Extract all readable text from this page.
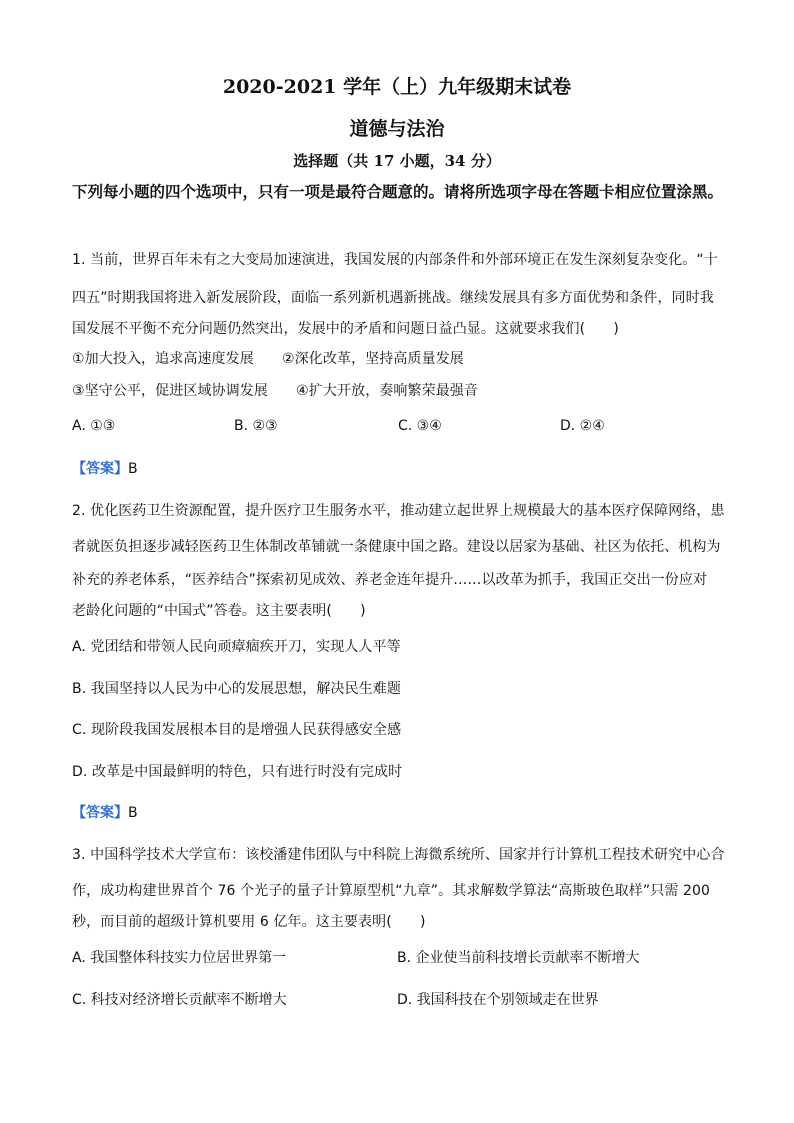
2020-2021 学年（上）九年级期末试卷
道德与法治
选择题（共 17 小题，34 分）
下列每小题的四个选项中，只有一项是最符合题意的。请将所选项字母在答题卡相应位置涂黑。
1. 当前，世界百年未有之大变局加速演进，我国发展的内部条件和外部环境正在发生深刻复杂变化。“十
四五”时期我国将进入新发展阶段，面临一系列新机遇新挑战。继续发展具有多方面优势和条件，同时我
国发展不平衡不充分问题仍然突出，发展中的矛盾和问题日益凸显。这就要求我们(　　)
①加大投入，追求高速度发展　　②深化改革，坚持高质量发展
③坚守公平，促进区域协调发展　　④扩大开放，奏响繁荣最强音
A. ①③	B. ②③	C. ③④	D. ②④
【答案】B
2. 优化医药卫生资源配置，提升医疗卫生服务水平，推动建立起世界上规模最大的基本医疗保障网络，患
者就医负担逐步减轻医药卫生体制改革铺就一条健康中国之路。建设以居家为基础、社区为依托、机构为
补充的养老体系，“医养结合”探索初见成效、养老金连年提升……以改革为抓手，我国正交出一份应对
老龄化问题的“中国式”答卷。这主要表明(　　)
A. 党团结和带领人民向顽瘴痼疾开刀，实现人人平等
B. 我国坚持以人民为中心的发展思想，解决民生难题
C. 现阶段我国发展根本目的是增强人民获得感安全感
D. 改革是中国最鲜明的特色，只有进行时没有完成时
【答案】B
3. 中国科学技术大学宣布：该校潘建伟团队与中科院上海微系统所、国家并行计算机工程技术研究中心合
作，成功构建世界首个 76 个光子的量子计算原型机“九章”。其求解数学算法“高斯玻色取样”只需 200
秒，而目前的超级计算机要用 6 亿年。这主要表明(　　)
A. 我国整体科技实力位居世界第一	B. 企业使当前科技增长贡献率不断增大
C. 科技对经济增长贡献率不断增大	D. 我国科技在个别领域走在世界
